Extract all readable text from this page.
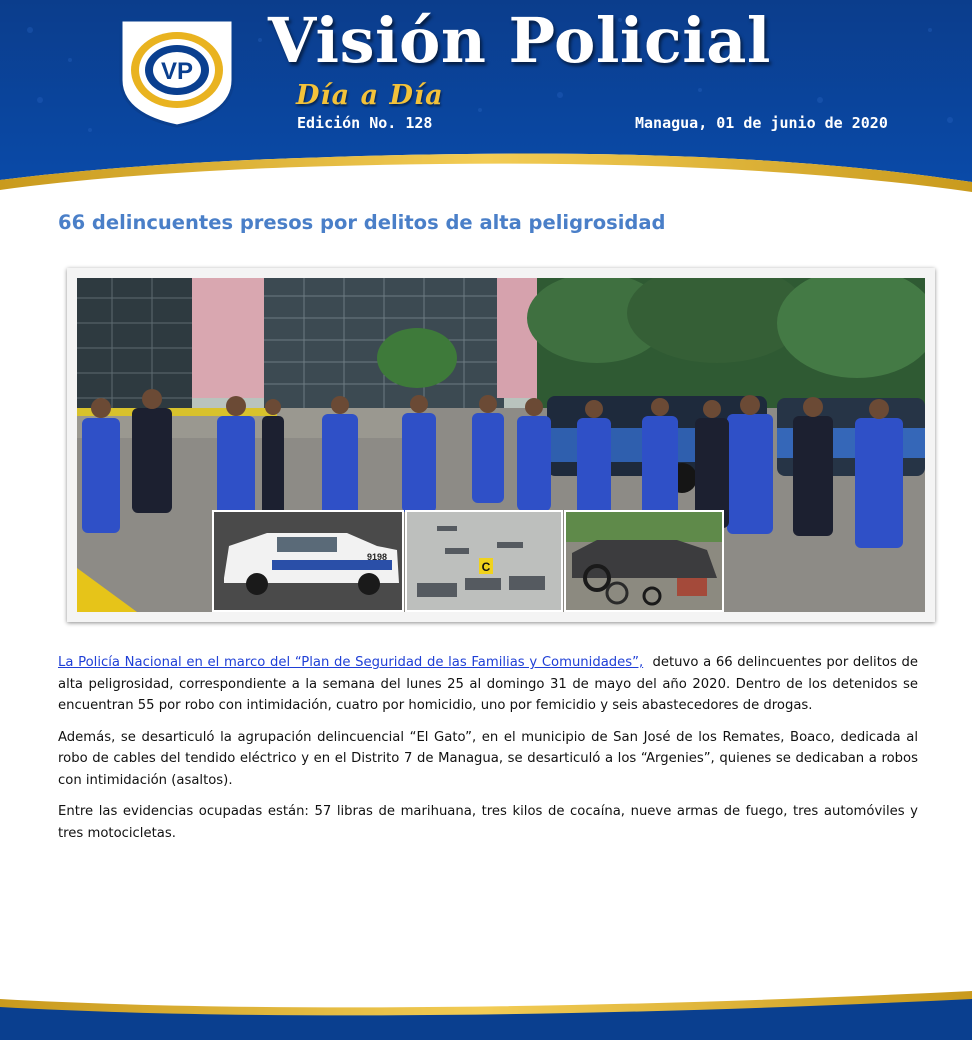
VP Visión Policial
Día a Día
Edición No. 128	Managua, 01 de junio de 2020
66 delincuentes presos por delitos de alta peligrosidad
9198
C

La Policía Nacional en el marco del “Plan de Seguridad de las Familias y Comunidades”, detuvo a 66 delincuentes por delitos de alta peligrosidad, correspondiente a la semana del lunes 25 al domingo 31 de mayo del año 2020. Dentro de los detenidos se encuentran 55 por robo con intimidación, cuatro por homicidio, uno por femicidio y seis abastecedores de drogas.

Además, se desarticuló la agrupación delincuencial “El Gato”, en el municipio de San José de los Remates, Boaco, dedicada al robo de cables del tendido eléctrico y en el Distrito 7 de Managua, se desarticuló a los “Argenies”, quienes se dedicaban a robos con intimidación (asaltos).

Entre las evidencias ocupadas están: 57 libras de marihuana, tres kilos de cocaína, nueve armas de fuego, tres automóviles y tres motocicletas.
